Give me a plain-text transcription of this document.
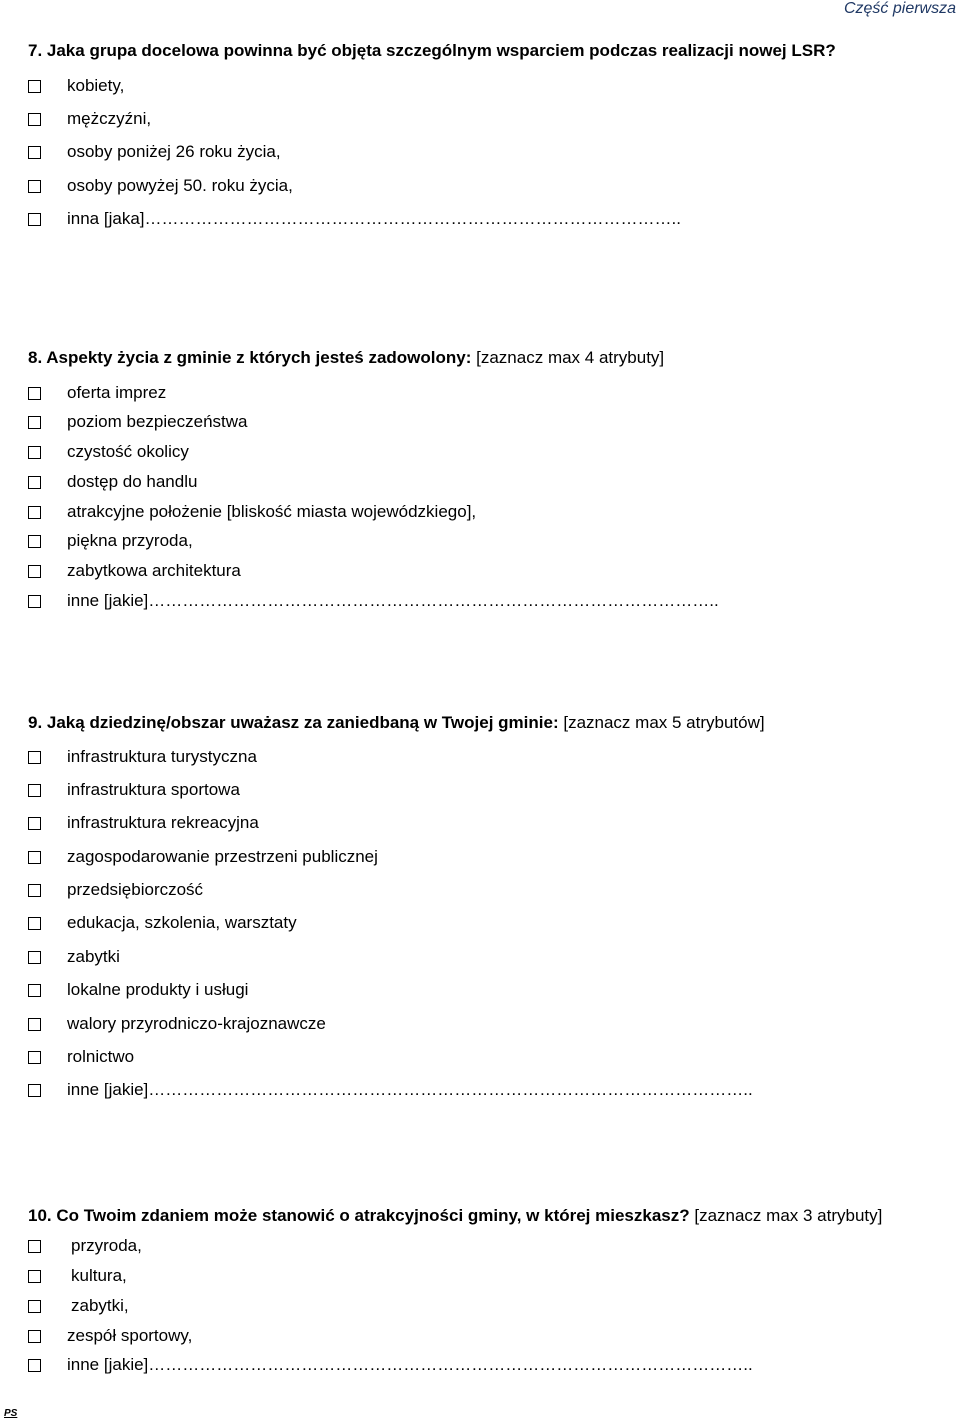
Część pierwsza
7. Jaka grupa docelowa powinna być objęta szczególnym wsparciem podczas realizacji nowej LSR?
kobiety,
mężczyźni,
osoby poniżej 26 roku życia,
osoby powyżej 50. roku życia,
inna [jaka]…………………………………………………………………………………..
8. Aspekty życia z gminie z których jesteś zadowolony: [zaznacz max 4 atrybuty]
oferta imprez
poziom bezpieczeństwa
czystość okolicy
dostęp do handlu
atrakcyjne położenie [bliskość miasta wojewódzkiego],
piękna przyroda,
zabytkowa architektura
inne [jakie]………………………………………………………………………………………..
9. Jaką dziedzinę/obszar uważasz za zaniedbaną w Twojej gminie: [zaznacz max 5 atrybutów]
infrastruktura turystyczna
infrastruktura sportowa
infrastruktura rekreacyjna
zagospodarowanie przestrzeni publicznej
przedsiębiorczość
edukacja, szkolenia, warsztaty
zabytki
lokalne produkty i usługi
walory przyrodniczo-krajoznawcze
rolnictwo
inne [jakie]……………………………………………………………………………………………..
10. Co Twoim zdaniem może stanowić o atrakcyjności gminy, w której mieszkasz? [zaznacz max 3 atrybuty]
przyroda,
kultura,
zabytki,
zespół sportowy,
inne [jakie]……………………………………………………………………………………………..
PS
